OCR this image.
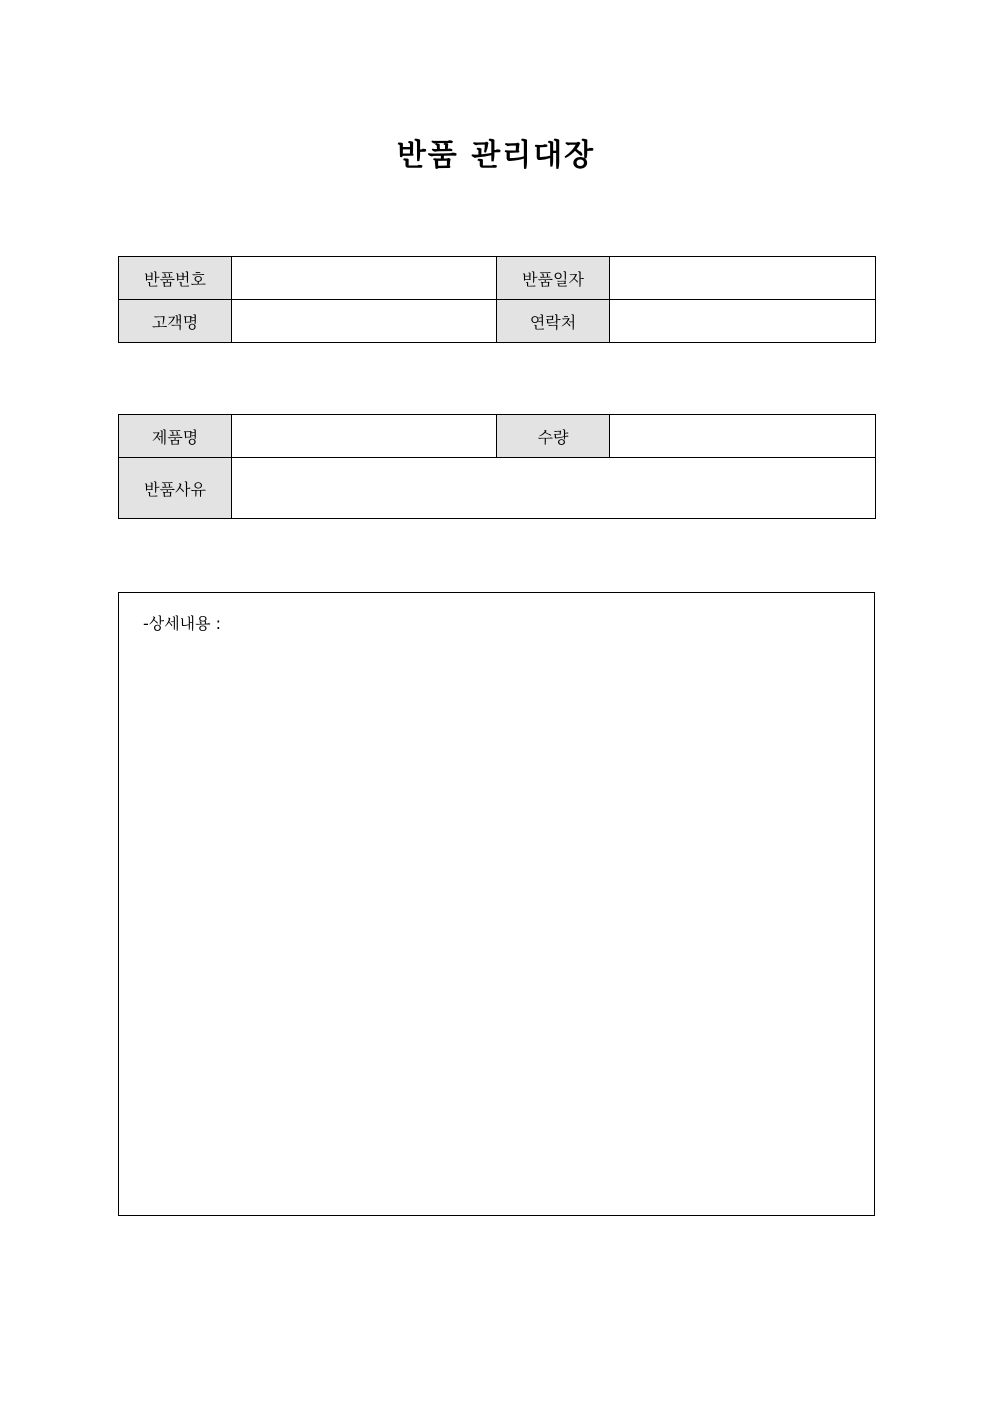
반품 관리대장
반품번호		반품일자	
고객명		연락처	
제품명		수량	
반품사유			
-상세내용 :
